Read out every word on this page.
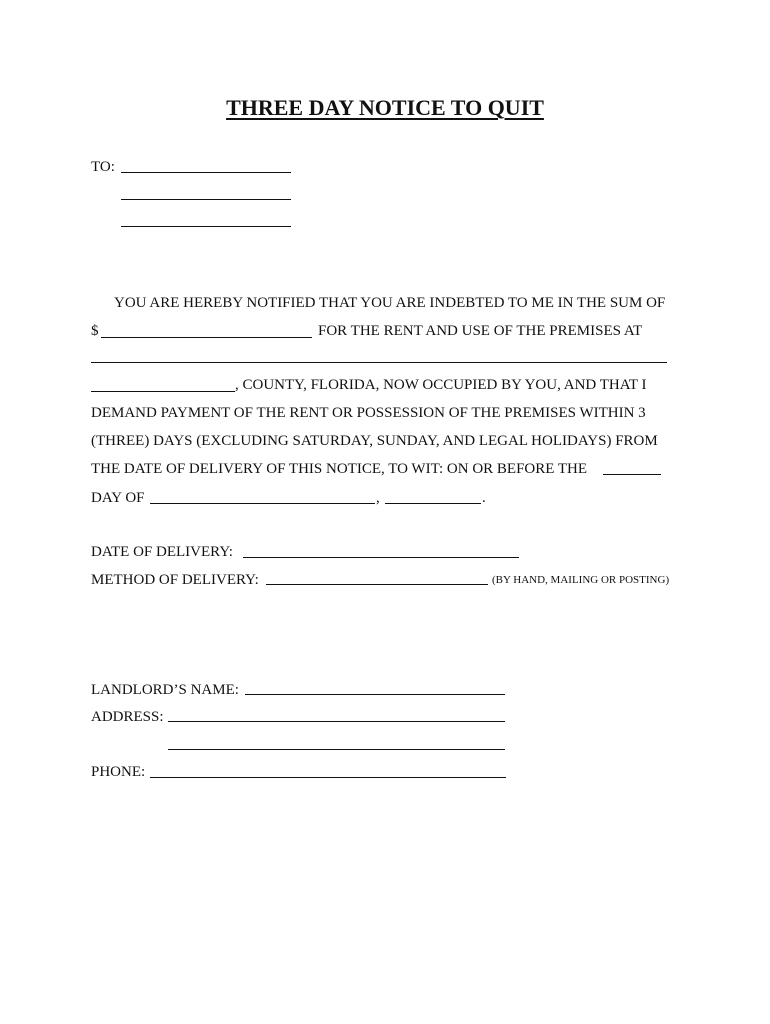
THREE DAY NOTICE TO QUIT
TO:
YOU ARE HEREBY NOTIFIED THAT YOU ARE INDEBTED TO ME IN THE SUM OF
$	FOR THE RENT AND USE OF THE PREMISES AT
, COUNTY, FLORIDA, NOW OCCUPIED BY YOU, AND THAT I
DEMAND PAYMENT OF THE RENT OR POSSESSION OF THE PREMISES WITHIN 3
(THREE) DAYS (EXCLUDING SATURDAY, SUNDAY, AND LEGAL HOLIDAYS) FROM
THE DATE OF DELIVERY OF THIS NOTICE, TO WIT: ON OR BEFORE THE
DAY OF	,	.
DATE OF DELIVERY:
METHOD OF DELIVERY:	(BY HAND, MAILING OR POSTING)
LANDLORD’S NAME:
ADDRESS:
PHONE:
